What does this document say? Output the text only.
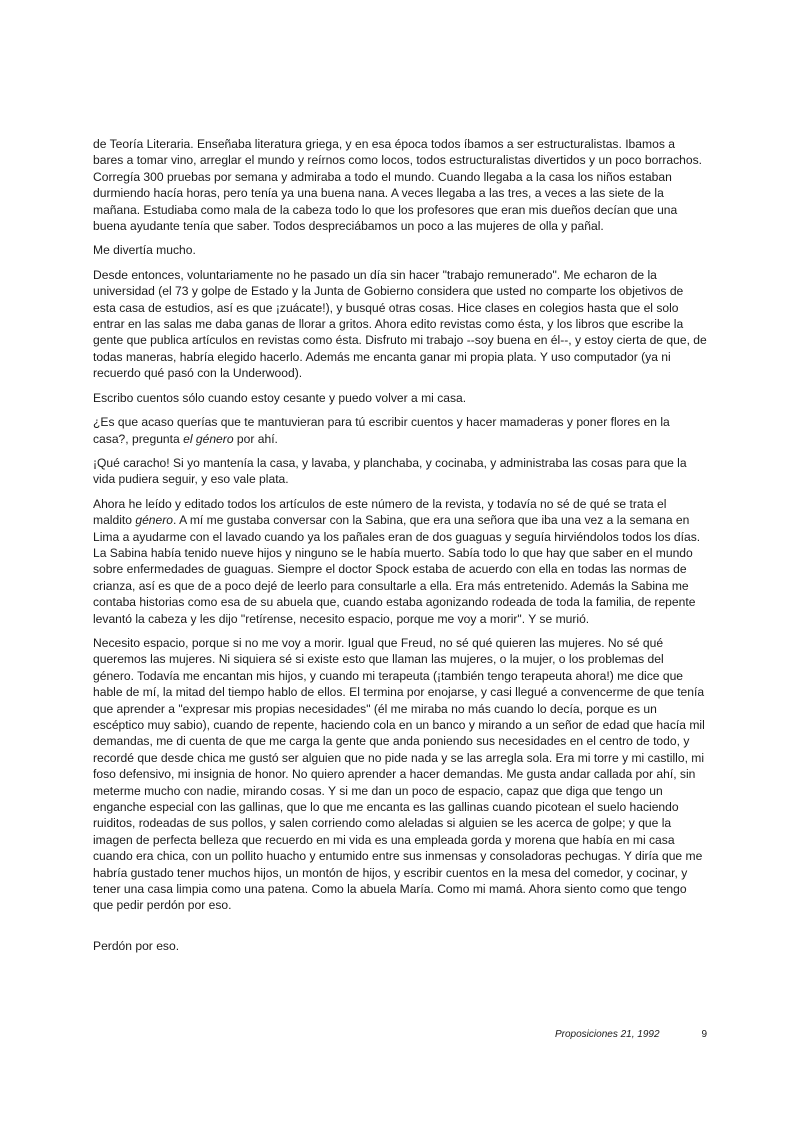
de Teoría Literaria. Enseñaba literatura griega, y en esa época todos íbamos a ser estructuralistas. Ibamos a bares a tomar vino, arreglar el mundo y reírnos como locos, todos estructuralistas divertidos y un poco borrachos. Corregía 300 pruebas por semana y admiraba a todo el mundo. Cuando llegaba a la casa los niños estaban durmiendo hacía horas, pero tenía ya una buena nana. A veces llegaba a las tres, a veces a las siete de la mañana. Estudiaba como mala de la cabeza todo lo que los profesores que eran mis dueños decían que una buena ayudante tenía que saber. Todos despreciábamos un poco a las mujeres de olla y pañal.

Me divertía mucho.

Desde entonces, voluntariamente no he pasado un día sin hacer "trabajo remunerado". Me echaron de la universidad (el 73 y golpe de Estado y la Junta de Gobierno considera que usted no comparte los objetivos de esta casa de estudios, así es que ¡zuácate!), y busqué otras cosas. Hice clases en colegios hasta que el solo entrar en las salas me daba ganas de llorar a gritos. Ahora edito revistas como ésta, y los libros que escribe la gente que publica artículos en revistas como ésta. Disfruto mi trabajo --soy buena en él--, y estoy cierta de que, de todas maneras, habría elegido hacerlo. Además me encanta ganar mi propia plata. Y uso computador (ya ni recuerdo qué pasó con la Underwood).

Escribo cuentos sólo cuando estoy cesante y puedo volver a mi casa.

¿Es que acaso querías que te mantuvieran para tú escribir cuentos y hacer mamaderas y poner flores en la casa?, pregunta el género por ahí.

¡Qué caracho! Si yo mantenía la casa, y lavaba, y planchaba, y cocinaba, y administraba las cosas para que la vida pudiera seguir, y eso vale plata.

Ahora he leído y editado todos los artículos de este número de la revista, y todavía no sé de qué se trata el maldito género. A mí me gustaba conversar con la Sabina, que era una señora que iba una vez a la semana en Lima a ayudarme con el lavado cuando ya los pañales eran de dos guaguas y seguía hirviéndolos todos los días. La Sabina había tenido nueve hijos y ninguno se le había muerto. Sabía todo lo que hay que saber en el mundo sobre enfermedades de guaguas. Siempre el doctor Spock estaba de acuerdo con ella en todas las normas de crianza, así es que de a poco dejé de leerlo para consultarle a ella. Era más entretenido. Además la Sabina me contaba historias como esa de su abuela que, cuando estaba agonizando rodeada de toda la familia, de repente levantó la cabeza y les dijo "retírense, necesito espacio, porque me voy a morir". Y se murió.

Necesito espacio, porque si no me voy a morir. Igual que Freud, no sé qué quieren las mujeres. No sé qué queremos las mujeres. Ni siquiera sé si existe esto que llaman las mujeres, o la mujer, o los problemas del género. Todavía me encantan mis hijos, y cuando mi terapeuta (¡también tengo terapeuta ahora!) me dice que hable de mí, la mitad del tiempo hablo de ellos. El termina por enojarse, y casi llegué a convencerme de que tenía que aprender a "expresar mis propias necesidades" (él me miraba no más cuando lo decía, porque es un escéptico muy sabio), cuando de repente, haciendo cola en un banco y mirando a un señor de edad que hacía mil demandas, me di cuenta de que me carga la gente que anda poniendo sus necesidades en el centro de todo, y recordé que desde chica me gustó ser alguien que no pide nada y se las arregla sola. Era mi torre y mi castillo, mi foso defensivo, mi insignia de honor. No quiero aprender a hacer demandas. Me gusta andar callada por ahí, sin meterme mucho con nadie, mirando cosas. Y si me dan un poco de espacio, capaz que diga que tengo un enganche especial con las gallinas, que lo que me encanta es las gallinas cuando picotean el suelo haciendo ruiditos, rodeadas de sus pollos, y salen corriendo como aleladas si alguien se les acerca de golpe; y que la imagen de perfecta belleza que recuerdo en mi vida es una empleada gorda y morena que había en mi casa cuando era chica, con un pollito huacho y entumido entre sus inmensas y consoladoras pechugas. Y diría que me habría gustado tener muchos hijos, un montón de hijos, y escribir cuentos en la mesa del comedor, y cocinar, y tener una casa limpia como una patena. Como la abuela María. Como mi mamá. Ahora siento como que tengo que pedir perdón por eso.

Perdón por eso.

Proposiciones 21, 1992	9
